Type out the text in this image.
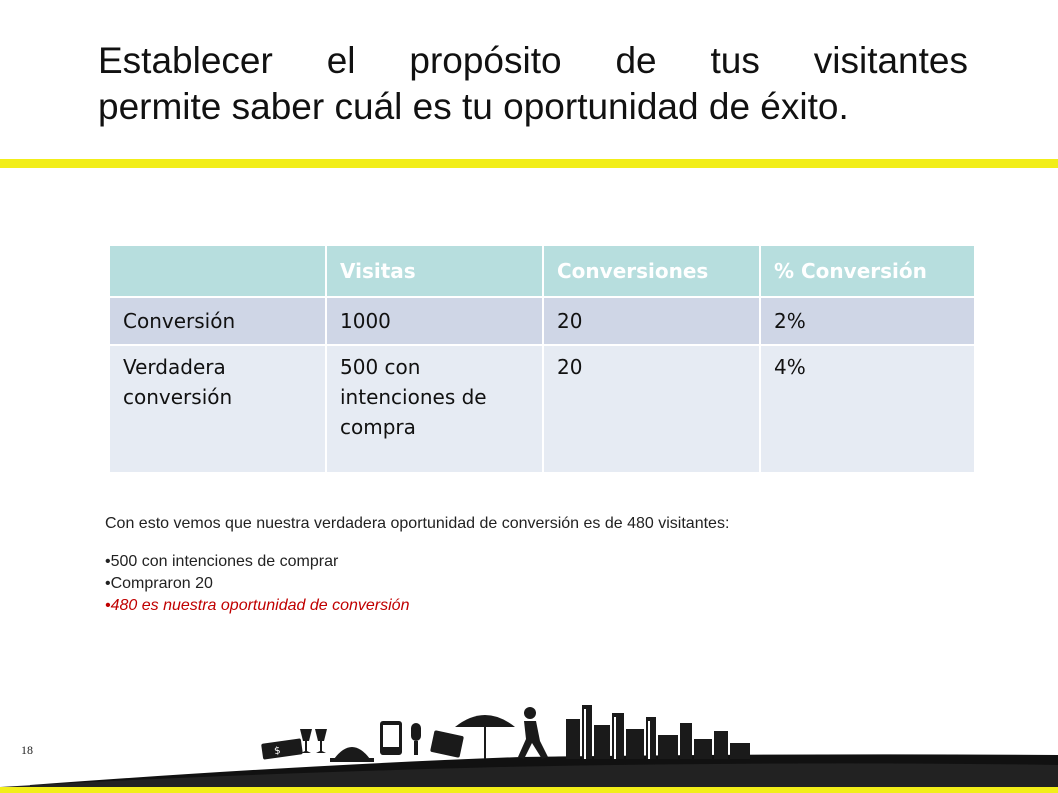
Establecer el propósito de tus visitantes
permite saber cuál es tu oportunidad de éxito.
	Visitas	Conversiones	% Conversión
Conversión	1000	20	2%
Verdadera conversión	500 con intenciones de compra	20	4%
Con esto vemos que nuestra verdadera oportunidad de conversión es de 480 visitantes:
•500 con intenciones de comprar
•Compraron 20
•480 es nuestra oportunidad de conversión
18	$
